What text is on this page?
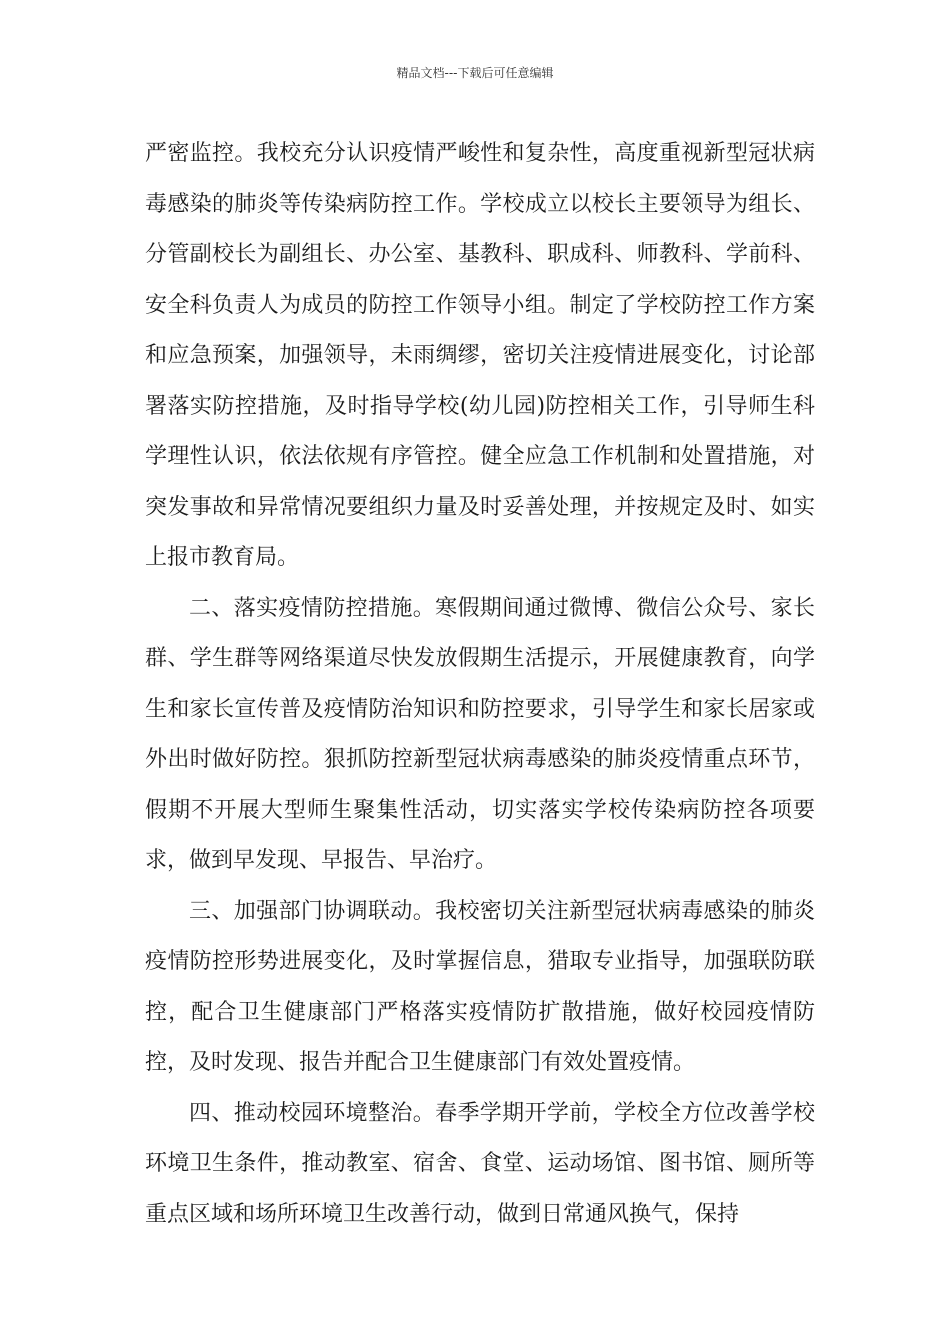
精品文档---下载后可任意编辑

严密监控。我校充分认识疫情严峻性和复杂性，高度重视新型冠状病毒感染的肺炎等传染病防控工作。学校成立以校长主要领导为组长、分管副校长为副组长、办公室、基教科、职成科、师教科、学前科、安全科负责人为成员的防控工作领导小组。制定了学校防控工作方案和应急预案，加强领导，未雨绸缪，密切关注疫情进展变化，讨论部署落实防控措施，及时指导学校(幼儿园)防控相关工作，引导师生科学理性认识，依法依规有序管控。健全应急工作机制和处置措施，对突发事故和异常情况要组织力量及时妥善处理，并按规定及时、如实上报市教育局。

二、落实疫情防控措施。寒假期间通过微博、微信公众号、家长群、学生群等网络渠道尽快发放假期生活提示，开展健康教育，向学生和家长宣传普及疫情防治知识和防控要求，引导学生和家长居家或外出时做好防控。狠抓防控新型冠状病毒感染的肺炎疫情重点环节，假期不开展大型师生聚集性活动，切实落实学校传染病防控各项要求，做到早发现、早报告、早治疗。

三、加强部门协调联动。我校密切关注新型冠状病毒感染的肺炎疫情防控形势进展变化，及时掌握信息，猎取专业指导，加强联防联控，配合卫生健康部门严格落实疫情防扩散措施，做好校园疫情防控，及时发现、报告并配合卫生健康部门有效处置疫情。

四、推动校园环境整治。春季学期开学前，学校全方位改善学校环境卫生条件，推动教室、宿舍、食堂、运动场馆、图书馆、厕所等重点区域和场所环境卫生改善行动，做到日常通风换气，保持
